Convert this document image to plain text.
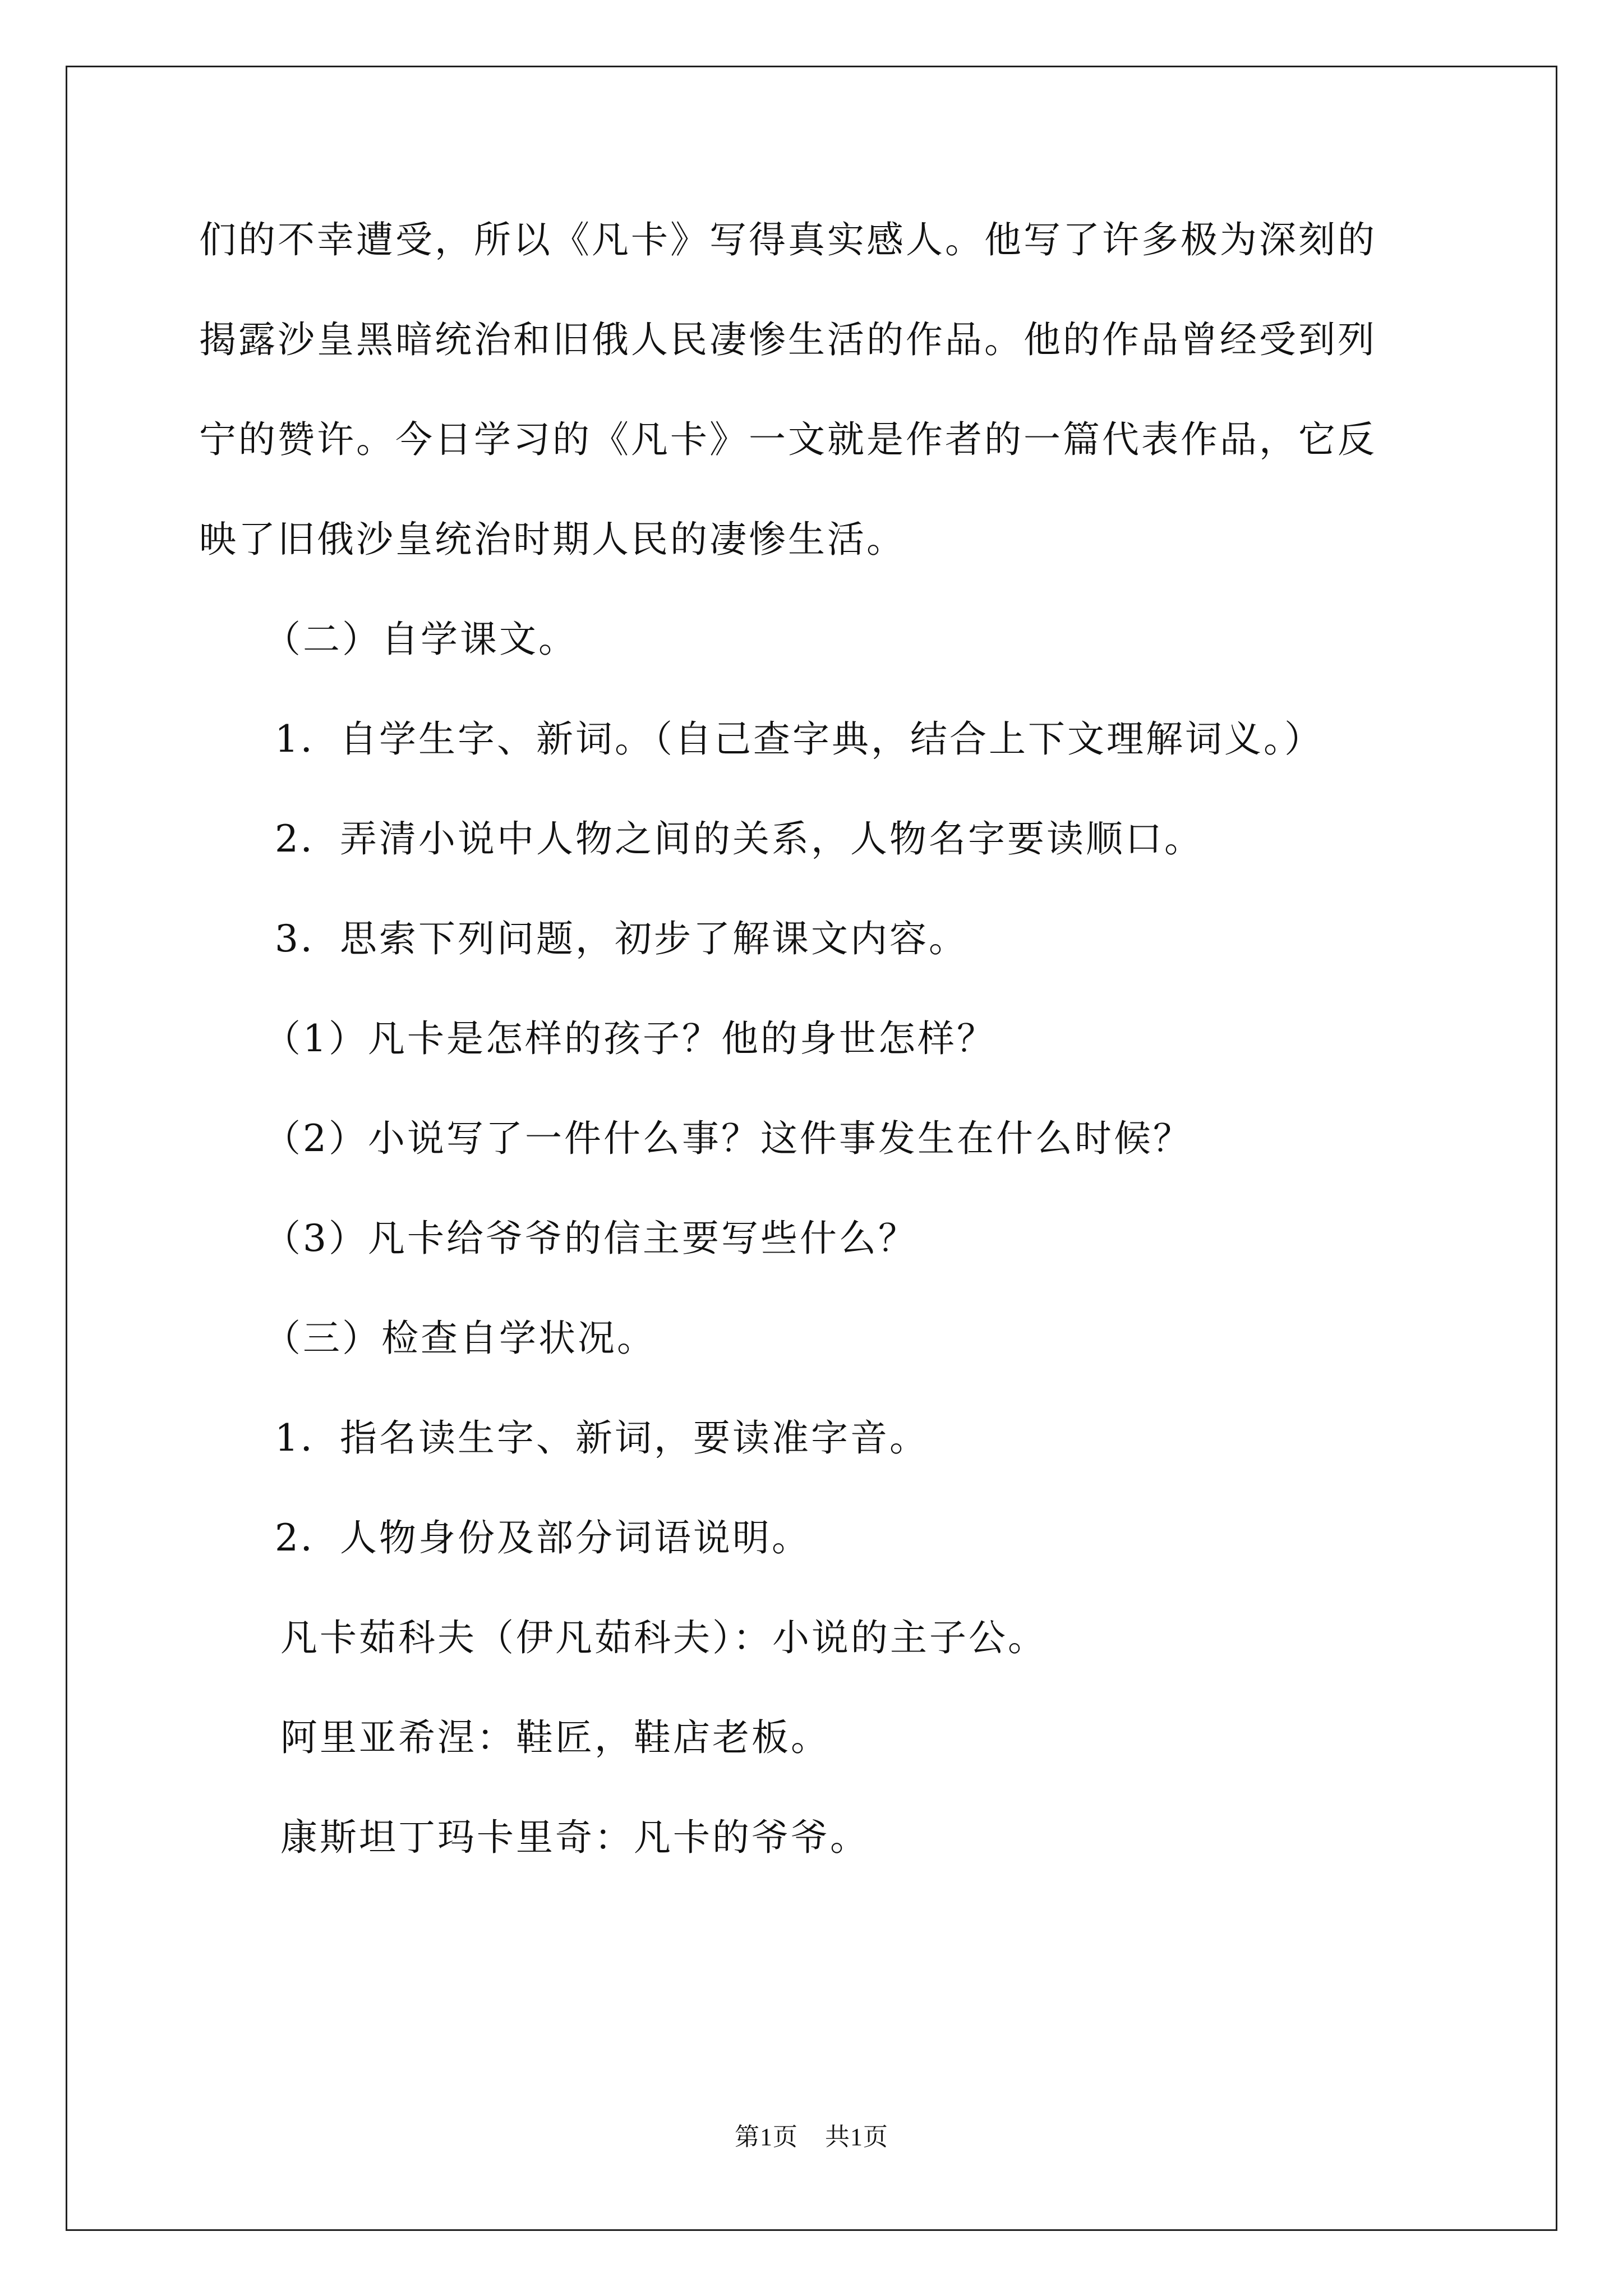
们的不幸遭受，所以《凡卡》写得真实感人。他写了许多极为深刻的
揭露沙皇黑暗统治和旧俄人民凄惨生活的作品。他的作品曾经受到列
宁的赞许。今日学习的《凡卡》一文就是作者的一篇代表作品，它反
映了旧俄沙皇统治时期人民的凄惨生活。
（二）自学课文。
1．自学生字、新词。（自己查字典，结合上下文理解词义。）
2．弄清小说中人物之间的关系，人物名字要读顺口。
3．思索下列问题，初步了解课文内容。
（1）凡卡是怎样的孩子？他的身世怎样？
（2）小说写了一件什么事？这件事发生在什么时候？
（3）凡卡给爷爷的信主要写些什么？
（三）检查自学状况。
1．指名读生字、新词，要读准字音。
2．人物身份及部分词语说明。
凡卡茹科夫（伊凡茹科夫）：小说的主子公。
阿里亚希涅：鞋匠，鞋店老板。
康斯坦丁玛卡里奇：凡卡的爷爷。
第1页 共1页
